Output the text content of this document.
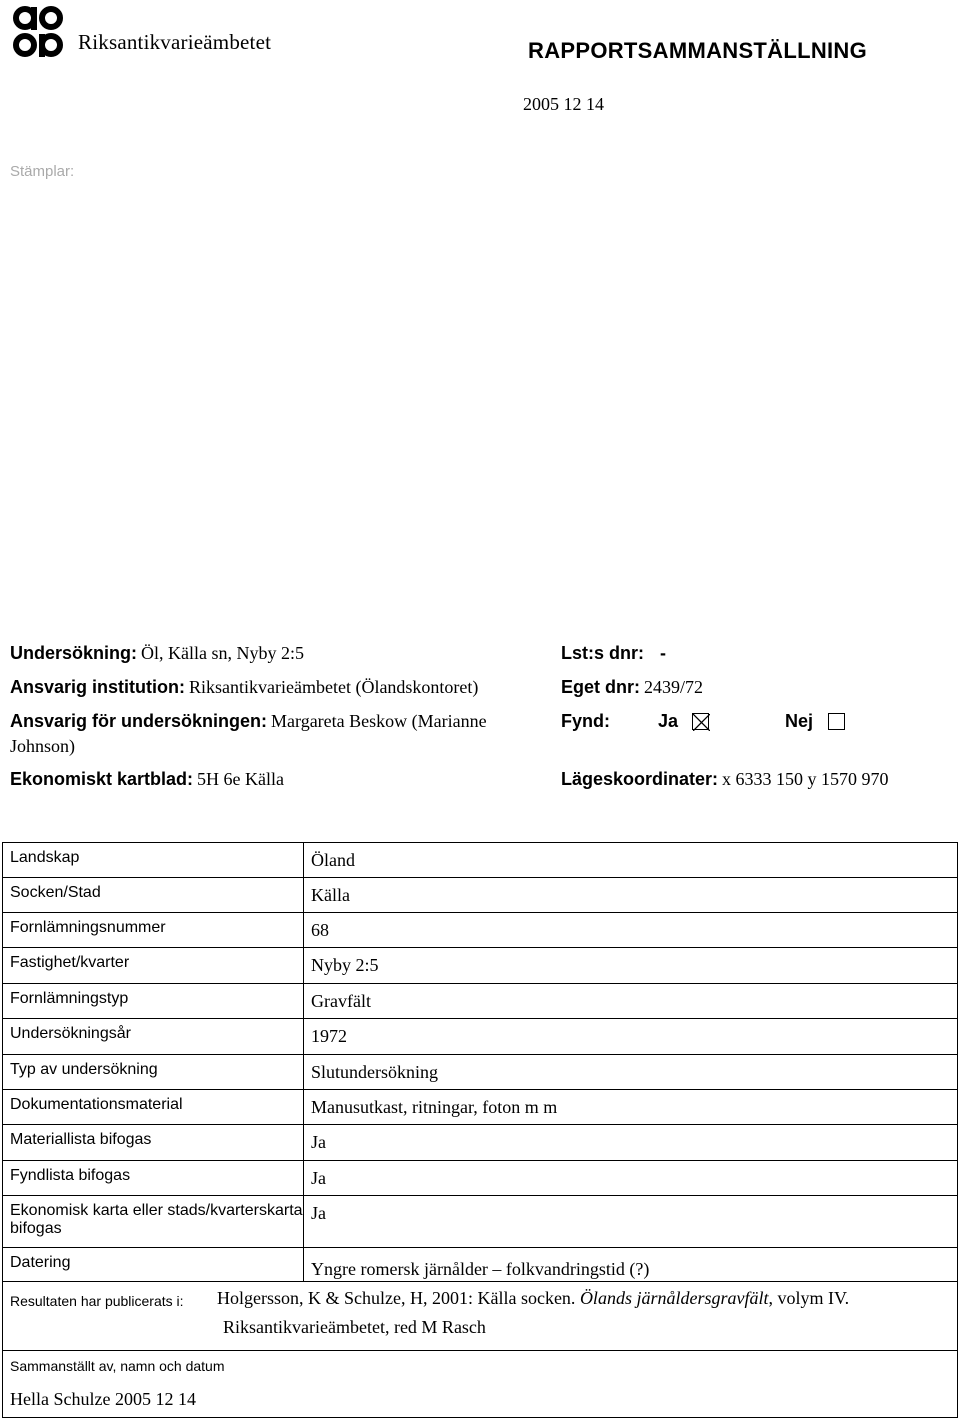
Riksantikvarieämbetet	RAPPORTSAMMANSTÄLLNING
2005 12 14
Stämplar:
Undersökning: Öl, Källa sn, Nyby 2:5
Ansvarig institution: Riksantikvarieämbetet (Ölandskontoret)
Ansvarig för undersökningen: Margareta Beskow (Marianne
Johnson)
Ekonomiskt kartblad: 5H 6e Källa
Lst:s dnr: -
Eget dnr: 2439/72
Fynd:	Ja	Nej
Lägeskoordinater: x 6333 150 y 1570 970
Landskap	Öland
Socken/Stad	Källa
Fornlämningsnummer	68
Fastighet/kvarter	Nyby 2:5
Fornlämningstyp	Gravfält
Undersökningsår	1972
Typ av undersökning	Slutundersökning
Dokumentationsmaterial	Manusutkast, ritningar, foton m m
Materiallista bifogas	Ja
Fyndlista bifogas	Ja
Ekonomisk karta eller stads/kvarterskarta bifogas	Ja
Datering	Yngre romersk järnålder – folkvandringstid (?)

Resultaten har publicerats i: Holgersson, K & Schulze, H, 2001: Källa socken. Ölands järnåldersgravfält, volym IV.
Riksantikvarieämbetet, red M Rasch	

Sammanställt av, namn och datum
Hella Schulze 2005 12 14	
